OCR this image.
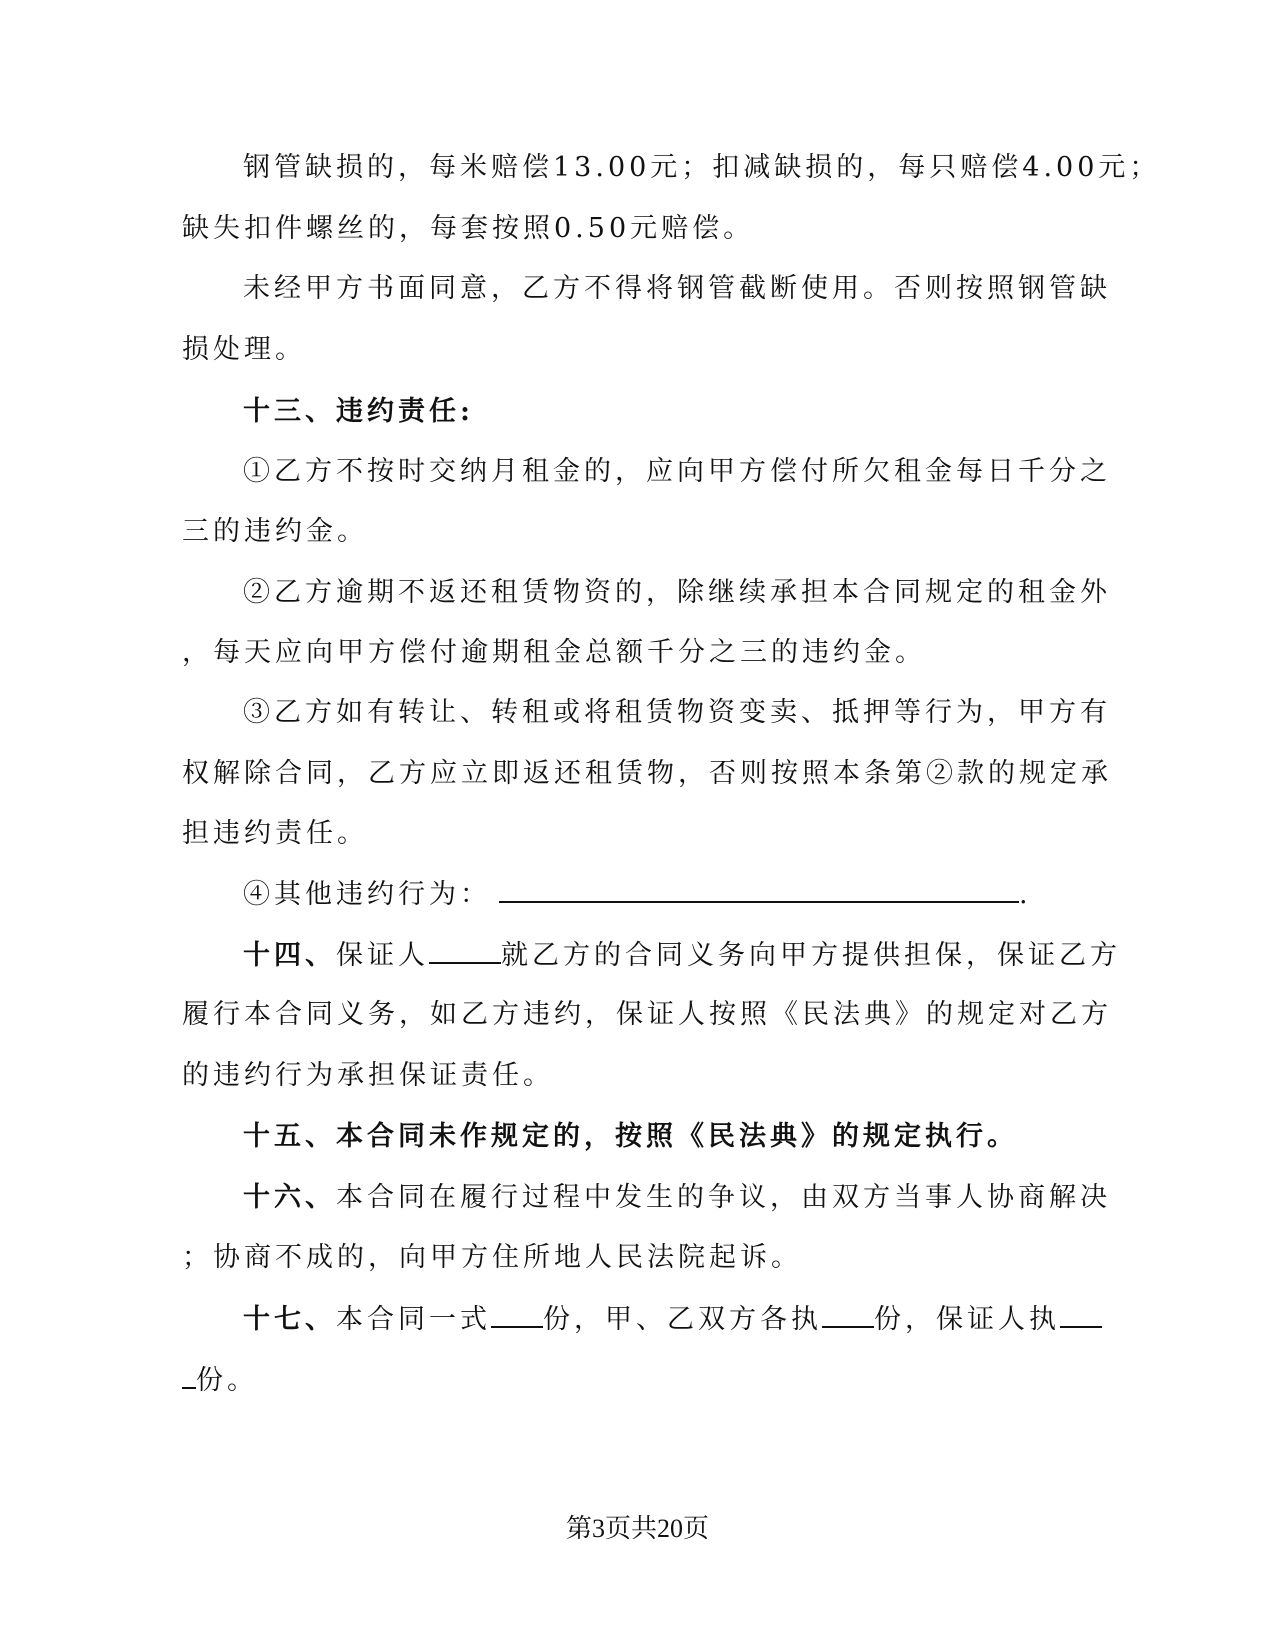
钢管缺损的，每米赔偿13.00元；扣减缺损的，每只赔偿4.00元；
缺失扣件螺丝的，每套按照0.50元赔偿。
未经甲方书面同意，乙方不得将钢管截断使用。否则按照钢管缺
损处理。
十三、违约责任:
①乙方不按时交纳月租金的，应向甲方偿付所欠租金每日千分之
三的违约金。
②乙方逾期不返还租赁物资的，除继续承担本合同规定的租金外
，每天应向甲方偿付逾期租金总额千分之三的违约金。
③乙方如有转让、转租或将租赁物资变卖、抵押等行为，甲方有
权解除合同，乙方应立即返还租赁物，否则按照本条第②款的规定承
担违约责任。
④其他违约行为：	.
十四、保证人	就乙方的合同义务向甲方提供担保，保证乙方
履行本合同义务，如乙方违约，保证人按照《民法典》的规定对乙方
的违约行为承担保证责任。
十五、本合同未作规定的，按照《民法典》的规定执行。
十六、本合同在履行过程中发生的争议，由双方当事人协商解决
；协商不成的，向甲方住所地人民法院起诉。
十七、本合同一式 份，甲、乙双方各执 份，保证人执
份。
第3页共20页
